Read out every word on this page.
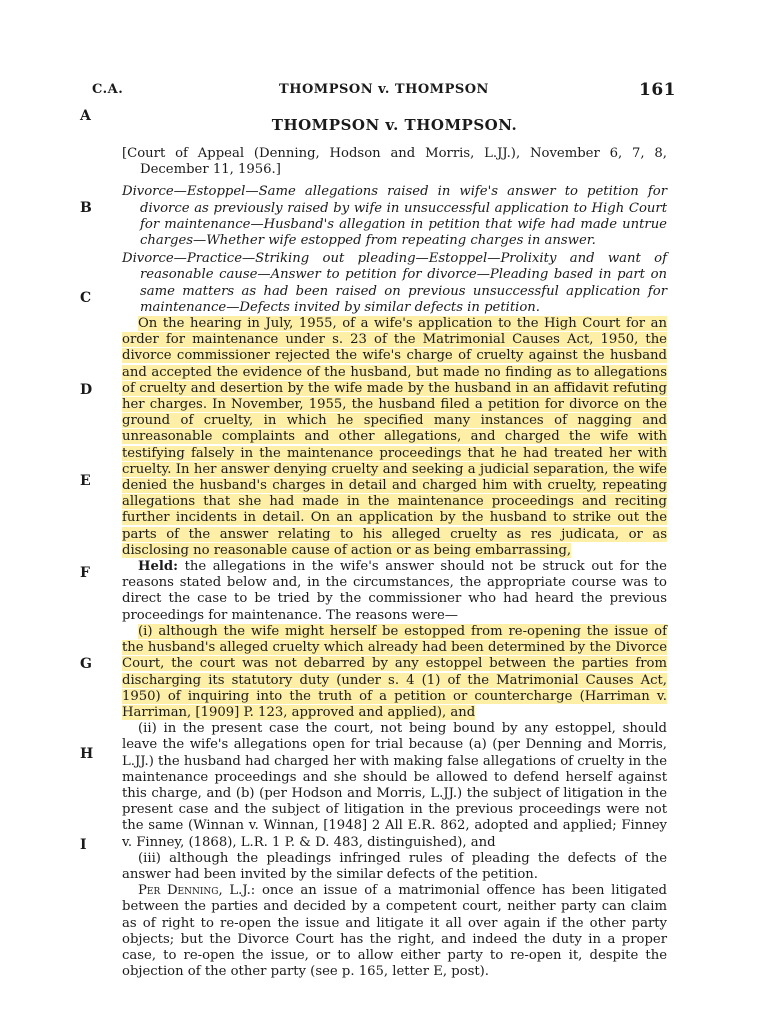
C.A.	THOMPSON v. THOMPSON	161
A
B
C
D
E
F
G
H
I
THOMPSON v. THOMPSON.

[Court of Appeal (Denning, Hodson and Morris, L.JJ.), November 6, 7, 8, December 11, 1956.]

Divorce—Estoppel—Same allegations raised in wife's answer to petition for divorce as previously raised by wife in unsuccessful application to High Court for maintenance—Husband's allegation in petition that wife had made untrue charges—Whether wife estopped from repeating charges in answer.

Divorce—Practice—Striking out pleading—Estoppel—Prolixity and want of reasonable cause—Answer to petition for divorce—Pleading based in part on same matters as had been raised on previous unsuccessful application for maintenance—Defects invited by similar defects in petition.

On the hearing in July, 1955, of a wife's application to the High Court for an order for maintenance under s. 23 of the Matrimonial Causes Act, 1950, the divorce commissioner rejected the wife's charge of cruelty against the husband and accepted the evidence of the husband, but made no finding as to allegations of cruelty and desertion by the wife made by the husband in an affidavit refuting her charges. In November, 1955, the husband filed a petition for divorce on the ground of cruelty, in which he specified many instances of nagging and unreasonable complaints and other allegations, and charged the wife with testifying falsely in the maintenance proceedings that he had treated her with cruelty. In her answer denying cruelty and seeking a judicial separation, the wife denied the husband's charges in detail and charged him with cruelty, repeating allegations that she had made in the maintenance proceedings and reciting further incidents in detail. On an application by the husband to strike out the parts of the answer relating to his alleged cruelty as res judicata, or as disclosing no reasonable cause of action or as being embarrassing,

Held: the allegations in the wife's answer should not be struck out for the reasons stated below and, in the circumstances, the appropriate course was to direct the case to be tried by the commissioner who had heard the previous proceedings for maintenance. The reasons were—

(i) although the wife might herself be estopped from re-opening the issue of the husband's alleged cruelty which already had been determined by the Divorce Court, the court was not debarred by any estoppel between the parties from discharging its statutory duty (under s. 4 (1) of the Matrimonial Causes Act, 1950) of inquiring into the truth of a petition or countercharge (Harriman v. Harriman, [1909] P. 123, approved and applied), and

(ii) in the present case the court, not being bound by any estoppel, should leave the wife's allegations open for trial because (a) (per Denning and Morris, L.JJ.) the husband had charged her with making false allegations of cruelty in the maintenance proceedings and she should be allowed to defend herself against this charge, and (b) (per Hodson and Morris, L.JJ.) the subject of litigation in the present case and the subject of litigation in the previous proceedings were not the same (Winnan v. Winnan, [1948] 2 All E.R. 862, adopted and applied; Finney v. Finney, (1868), L.R. 1 P. & D. 483, distinguished), and

(iii) although the pleadings infringed rules of pleading the defects of the answer had been invited by the similar defects of the petition.

Per Denning, L.J.: once an issue of a matrimonial offence has been litigated between the parties and decided by a competent court, neither party can claim as of right to re-open the issue and litigate it all over again if the other party objects; but the Divorce Court has the right, and indeed the duty in a proper case, to re-open the issue, or to allow either party to re-open it, despite the objection of the other party (see p. 165, letter E, post).
